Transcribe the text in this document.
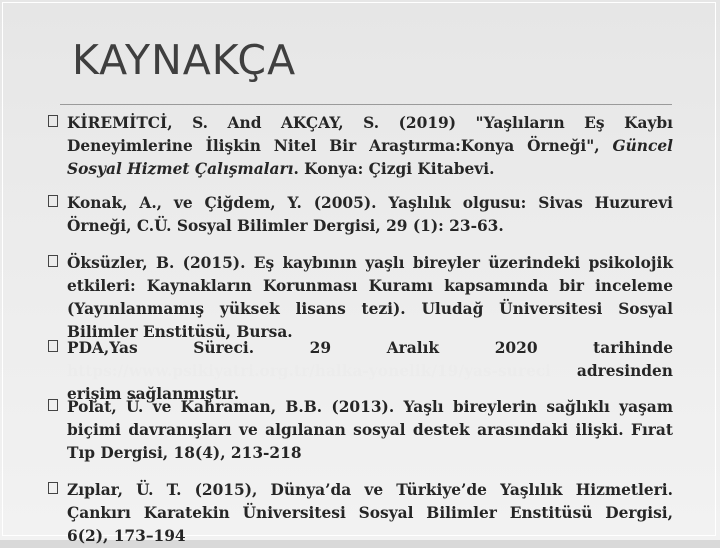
KAYNAKÇA
KİREMİTCİ, S. And AKÇAY, S. (2019) "Yaşlıların Eş Kaybı Deneyimlerine İlişkin Nitel Bir Araştırma:Konya Örneği", Güncel Sosyal Hizmet Çalışmaları. Konya: Çizgi Kitabevi.
Konak, A., ve Çiğdem, Y. (2005). Yaşlılık olgusu: Sivas Huzurevi Örneği, C.Ü. Sosyal Bilimler Dergisi, 29 (1): 23-63.
Öksüzler, B. (2015). Eş kaybının yaşlı bireyler üzerindeki psikolojik etkileri: Kaynakların Korunması Kuramı kapsamında bir inceleme (Yayınlanmamış yüksek lisans tezi). Uludağ Üniversitesi Sosyal Bilimler Enstitüsü, Bursa.
PDA,Yas Süreci. 29 Aralık 2020 tarihinde https://www.psikiyatri.org.tr/halka-yonelik/19/yas-sureci adresinden erişim sağlanmıştır.
Polat, Ü. ve Kahraman, B.B. (2013). Yaşlı bireylerin sağlıklı yaşam biçimi davranışları ve algılanan sosyal destek arasındaki ilişki. Fırat Tıp Dergisi, 18(4), 213-218
Zıplar, Ü. T. (2015), Dünya’da ve Türkiye’de Yaşlılık Hizmetleri. Çankırı Karatekin Üniversitesi Sosyal Bilimler Enstitüsü Dergisi, 6(2), 173–194
